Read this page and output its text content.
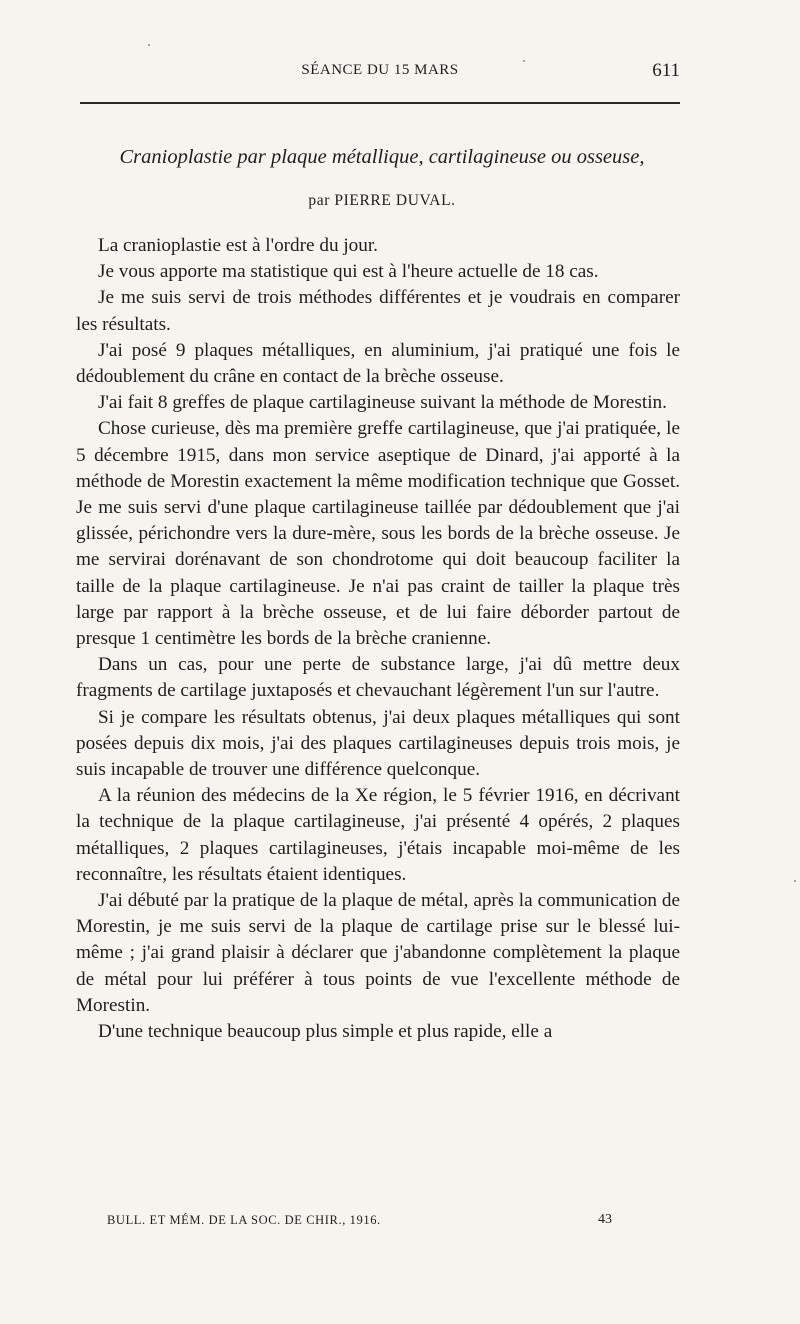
SÉANCE DU 15 MARS	611
Cranioplastie par plaque métallique, cartilagineuse ou osseuse,
par PIERRE DUVAL.

La cranioplastie est à l'ordre du jour.

Je vous apporte ma statistique qui est à l'heure actuelle de 18 cas.

Je me suis servi de trois méthodes différentes et je voudrais en comparer les résultats.

J'ai posé 9 plaques métalliques, en aluminium, j'ai pratiqué une fois le dédoublement du crâne en contact de la brèche osseuse.

J'ai fait 8 greffes de plaque cartilagineuse suivant la méthode de Morestin.

Chose curieuse, dès ma première greffe cartilagineuse, que j'ai pratiquée, le 5 décembre 1915, dans mon service aseptique de Dinard, j'ai apporté à la méthode de Morestin exactement la même modification technique que Gosset. Je me suis servi d'une plaque cartilagineuse taillée par dédoublement que j'ai glissée, périchondre vers la dure-mère, sous les bords de la brèche osseuse. Je me servirai dorénavant de son chondrotome qui doit beaucoup faciliter la taille de la plaque cartilagineuse. Je n'ai pas craint de tailler la plaque très large par rapport à la brèche osseuse, et de lui faire déborder partout de presque 1 centimètre les bords de la brèche cranienne.

Dans un cas, pour une perte de substance large, j'ai dû mettre deux fragments de cartilage juxtaposés et chevauchant légèrement l'un sur l'autre.

Si je compare les résultats obtenus, j'ai deux plaques métalliques qui sont posées depuis dix mois, j'ai des plaques cartilagineuses depuis trois mois, je suis incapable de trouver une différence quelconque.

A la réunion des médecins de la Xe région, le 5 février 1916, en décrivant la technique de la plaque cartilagineuse, j'ai présenté 4 opérés, 2 plaques métalliques, 2 plaques cartilagineuses, j'étais incapable moi-même de les reconnaître, les résultats étaient identiques.

J'ai débuté par la pratique de la plaque de métal, après la communication de Morestin, je me suis servi de la plaque de cartilage prise sur le blessé lui-même ; j'ai grand plaisir à déclarer que j'abandonne complètement la plaque de métal pour lui préférer à tous points de vue l'excellente méthode de Morestin.

D'une technique beaucoup plus simple et plus rapide, elle a

BULL. ET MÉM. DE LA SOC. DE CHIR., 1916.	43
